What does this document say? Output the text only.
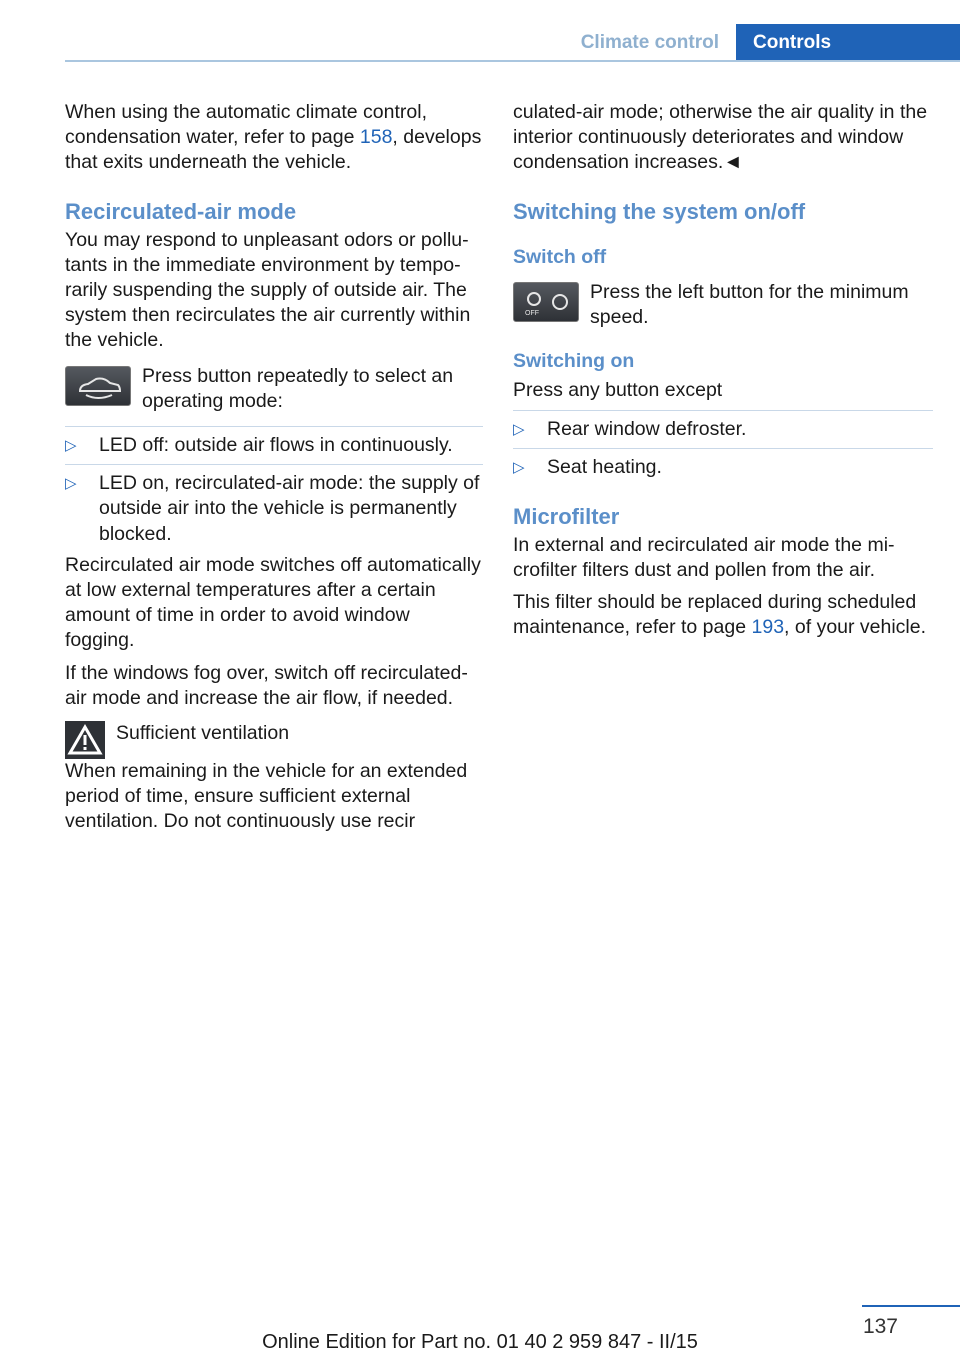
Climate control	Controls

When using the automatic climate control, condensation water, refer to page 158, develops that exits underneath the vehicle.

Recirculated-air mode

You may respond to unpleasant odors or pollutants in the immediate environment by temporarily suspending the supply of outside air. The system then recirculates the air currently within the vehicle.

Press button repeatedly to select an operating mode:

▷ LED off: outside air flows in continuously.
▷ LED on, recirculated-air mode: the supply of outside air into the vehicle is permanently blocked.

Recirculated air mode switches off automatically at low external temperatures after a certain amount of time in order to avoid window fogging.

If the windows fog over, switch off recirculated-air mode and increase the air flow, if needed.

Sufficient ventilation

When remaining in the vehicle for an extended period of time, ensure sufficient external ventilation. Do not continuously use recir

culated-air mode; otherwise the air quality in the interior continuously deteriorates and window condensation increases.◄

Switching the system on/off
Switch off
OFF

Press the left button for the minimum speed.

Switching on

Press any button except

▷ Rear window defroster.
▷ Seat heating.
Microfilter

In external and recirculated air mode the microfilter filters dust and pollen from the air.

This filter should be replaced during scheduled maintenance, refer to page 193, of your vehicle.

137
Online Edition for Part no. 01 40 2 959 847 - II/15
